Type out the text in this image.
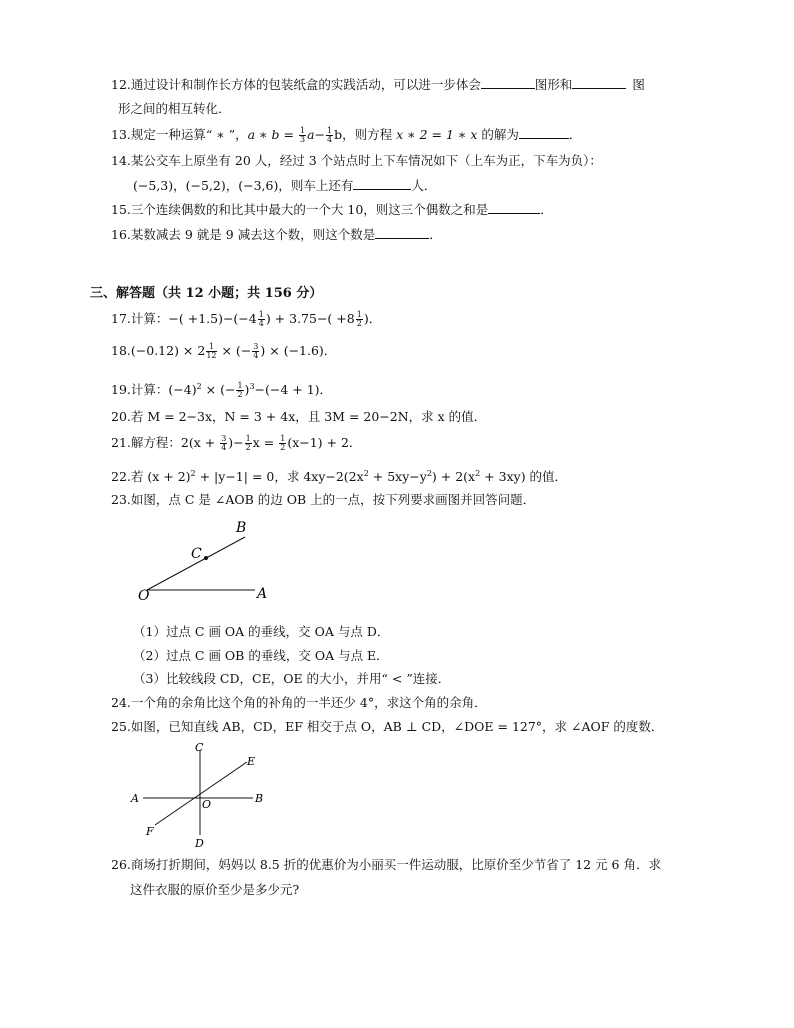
12.通过设计和制作长方体的包装纸盒的实践活动，可以进一步体会	图形和	图
形之间的相互转化．
13.规定一种运算“ ∗ ”，a ∗ $b = \frac{1}{3} a- \frac{1}{4}$ b，则方程 x ∗ 2 = 1 ∗ x 的解为	．
14.某公交车上原坐有 20 人，经过 3 个站点时上下车情况如下（上车为正，下车为负）：
(−5,3)，(−5,2)，(−3,6)，则车上还有	人．
15.三个连续偶数的和比其中最大的一个大 10，则这三个偶数之和是	．
16.某数减去 9 就是 9 减去这个数，则这个数是	．
三、解答题（共 12 小题；共 156 分）
17.计算：−( $+1.5)-(-4 \frac{1}{4}$ ) + $3.75-( +8 \frac{1}{2}$ )．
$18.(-0.12) \times 2 \frac{1}{12}$ × (− $\frac{3}{4}$ ) × (−1.6)．
19.计算：$(-4)^2$ × (− $\frac{1}{2} )^3-(-4 + 1)$．
20.若 M = 2−3x，N = 3 + 4x，且 3M = 20−2N，求 x 的值．
21.解方程：$2(x + \frac{3}{4}$ )− $\frac{1}{2}$ $x = \frac{1}{2} (x-1) + 2$．
22.若 $(x + 2)^2 + |y-1| = 0$，求 $4xy-2(2x^2 + 5xy-y^2) + 2(x^2 + 3xy)$ 的值．
23.如图，点 C 是 ∠AOB 的边 OB 上的一点，按下列要求画图并回答问题．
B
C
O	A
（1）过点 C 画 OA 的垂线，交 OA 与点 D．
（2）过点 C 画 OB 的垂线，交 OA 与点 E．
（3）比较线段 CD，CE，OE 的大小，并用“ < ”连接．
24.一个角的余角比这个角的补角的一半还少 4°，求这个角的余角．
25.如图，已知直线 AB，CD，EF 相交于点 O，AB ⊥ CD，∠DOE = 127°，求 ∠AOF 的度数．
C
E
A	O	B
F
D
26.商场打折期间，妈妈以 8.5 折的优惠价为小丽买一件运动服，比原价至少节省了 12 元 6 角．求
这件衣服的原价至少是多少元?
